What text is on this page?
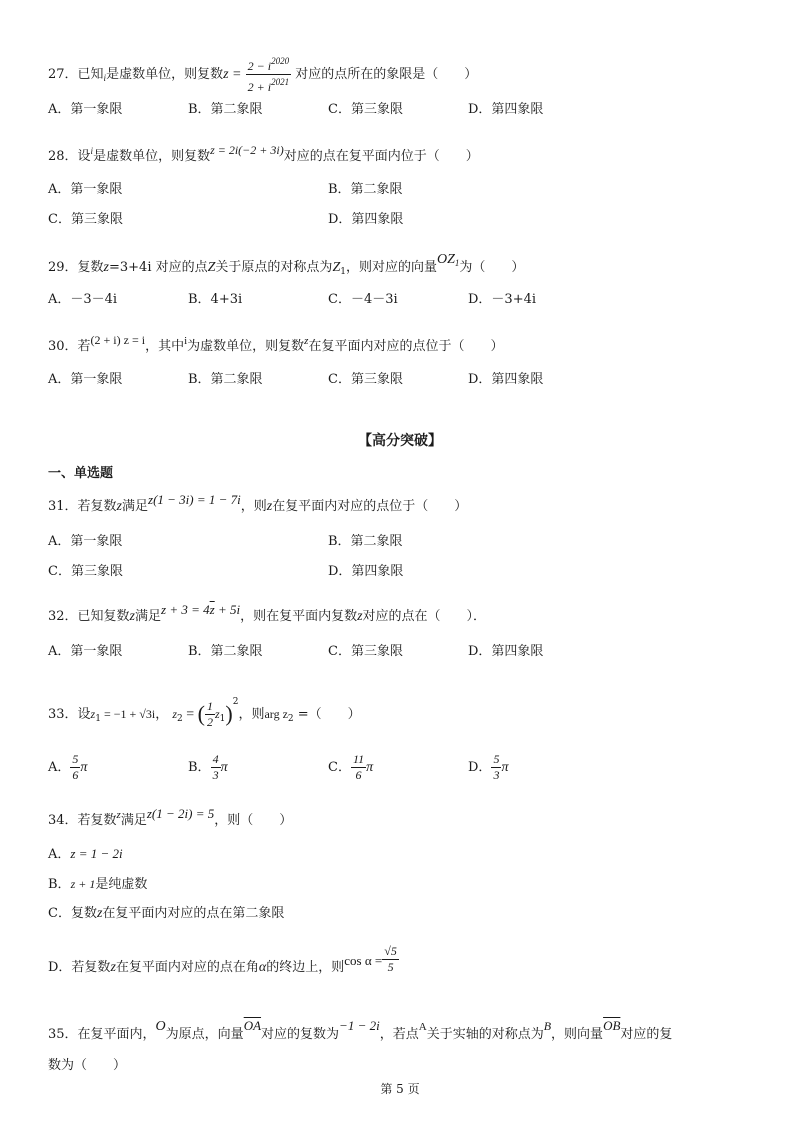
27．已知$_i$是虚数单位，则复数$z = \frac{2 - i^{2020}}{2 + i^{2021}}$ 对应的点所在的象限是（　　）
A．第一象限	B．第二象限	C．第三象限	D．第四象限
28．设$^i$是虚数单位，则复数z = 2i(−2 + 3i)对应的点在复平面内位于（　　）
A．第一象限	B．第二象限
C．第三象限	D．第四象限
29．复数z=3+4i 对应的点Z关于原点的对称点为$Z_1$，则对应的向量$OZ_1$为（　　）
A．－3－4i	B．4+3i	C．－4－3i	D．－3+4i
30．若(2 + i) z = i，其中$^i$为虚数单位，则复数$^z$在复平面内对应的点位于（　　）
A．第一象限	B．第二象限	C．第三象限	D．第四象限
【高分突破】
一、单选题
31．若复数z满足z(1 − 3i) = 1 − 7i，则z在复平面内对应的点位于（　　）
A．第一象限	B．第二象限
C．第三象限	D．第四象限
32．已知复数z满足$z + 3 = 4\overline{z} + 5i$，则在复平面内复数z对应的点在（　　）．
A．第一象限	B．第二象限	C．第三象限	D．第四象限
33．设$z_1 = -1 + √3i$， $z_2$ = ( $\frac{1}{2} z_1)^2$，则arg $z_2$ =（　　）
A． $\frac{5}{6}$ π	B． $\frac{4}{3}$ π	C． $\frac{11}{6}$ π	D． $\frac{5}{3}$ π
34．若复数$^z$满足z(1 − 2i) = 5，则（　　）
A．z = 1 − 2i
B．z + 1是纯虚数
C．复数z在复平面内对应的点在第二象限
D．若复数z在复平面内对应的点在角α的终边上，则$\cos \alpha = \frac{√5}{5}$
35．在复平面内，O为原点，向量$\overline{OA}$对应的复数为−1 − 2i，若点$^A$关于实轴的对称点为B，则向量$\overline{OB}$对应的复
数为（　　）
第 5 页
